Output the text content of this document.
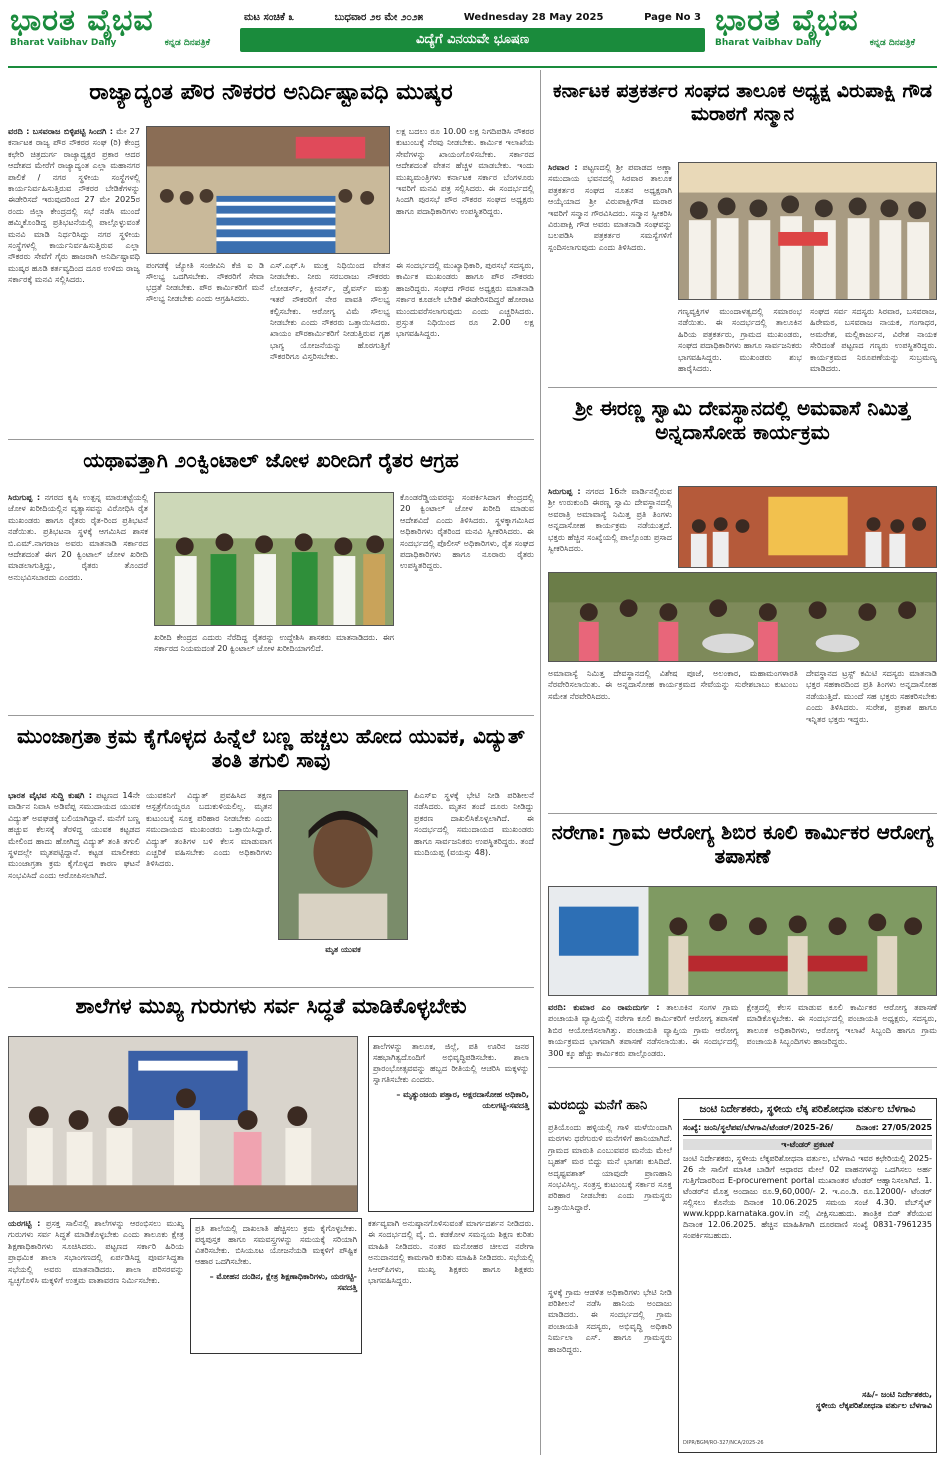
ಭಾರತ ವೈಭವ
Bharat Vaibhav Daily	ಕನ್ನಡ ದಿನಪತ್ರಿಕೆ
ಮಟ ಸಂಚಿಕೆ ೩	ಬುಧವಾರ ೨೮ ಮೇ ೨೦೨೫	Wednesday 28 May 2025	Page No 3
ವಿದ್ಯೆಗೆ ವಿನಯವೇ ಭೂಷಣ
ಭಾರತ ವೈಭವ
Bharat Vaibhav Daily	ಕನ್ನಡ ದಿನಪತ್ರಿಕೆ
ರಾಜ್ಯಾದ್ಯಂತ ಪೌರ ನೌಕರರ ಅನಿರ್ದಿಷ್ಟಾವಧಿ ಮುಷ್ಕರ

ವರದಿ : ಬಸವರಾಜ ಬಿಳ್ಳಿಪಟ್ಟಿ ಸಿಂದಗಿ : ಮೇ 27 ಕರ್ನಾಟಕ ರಾಜ್ಯ ಪೌರ ನೌಕರರ ಸಂಘ (ರಿ) ಕೇಂದ್ರ ಕಛೇರಿ ಚಿತ್ರದುರ್ಗ ರಾಜ್ಯಾಧ್ಯಕ್ಷರ ಪ್ರಕಾರ ಆದರ ಆದೇಶದ ಮೇರೆಗೆ ರಾಜ್ಯಾದ್ಯಂತ ಎಲ್ಲಾ ಮಹಾನಗರ ಪಾಲಿಕೆ / ನಗರ ಸ್ಥಳೀಯ ಸಂಸ್ಥೆಗಳಲ್ಲಿ ಕಾರ್ಯನಿರ್ವಹಿಸುತ್ತಿರುವ ನೌಕರರ ಬೇಡಿಕೆಗಳನ್ನು ಈಡೇರಿಸದೆ ಇರುವುದರಿಂದ 27 ಮೇ 2025ರ ರಂದು ಜಿಲ್ಲಾ ಕೇಂದ್ರದಲ್ಲಿ ಸಭೆ ನಡೆಸಿ ಮುಂದೆ ಹಮ್ಮಿಕೊಂಡಿದ್ದ ಪ್ರತಿಭಟನೆಯಲ್ಲಿ ಪಾಲ್ಗೊಳ್ಳುವಂತೆ ಮನವಿ ಮಾಡಿ ನಿರ್ಧರಿಸಿದ್ದು ನಗರ ಸ್ಥಳೀಯ ಸಂಸ್ಥೆಗಳಲ್ಲಿ ಕಾರ್ಯನಿರ್ವಹಿಸುತ್ತಿರುವ ಎಲ್ಲಾ ನೌಕರರು ಸೇವೆಗೆ ಗೈರು ಹಾಜರಾಗಿ ಅನಿರ್ದಿಷ್ಟಾವಧಿ ಮುಷ್ಕರ ಹೂಡಿ ಕರ್ತವ್ಯದಿಂದ ದೂರ ಉಳಿದು ರಾಜ್ಯ ಸರ್ಕಾರಕ್ಕೆ ಮನವಿ ಸಲ್ಲಿಸಿದರು.

ಲಕ್ಷ ಬದಲು ರೂ 10.00 ಲಕ್ಷ ನಿಗದಿಪಡಿಸಿ ನೌಕರರ ಕುಟುಂಬಕ್ಕೆ ನೆರವು ನೀಡಬೇಕು. ಕಾರ್ಮಿಕ ಇಲಾಖೆಯ ಸೇವೆಗಳನ್ನು ಖಾಯಂಗೊಳಿಸಬೇಕು. ಸರ್ಕಾರದ ಆದೇಶದಂತೆ ವೇತನ ಹೆಚ್ಚಳ ಮಾಡಬೇಕು. ಇಂದು ಮುಖ್ಯಮಂತ್ರಿಗಳು ಕರ್ನಾಟಕ ಸರ್ಕಾರ ಬೆಂಗಳೂರು ಇವರಿಗೆ ಮನವಿ ಪತ್ರ ಸಲ್ಲಿಸಿದರು. ಈ ಸಂದರ್ಭದಲ್ಲಿ ಸಿಂದಗಿ ಪುರಸಭೆ ಪೌರ ನೌಕರರ ಸಂಘದ ಅಧ್ಯಕ್ಷರು ಹಾಗೂ ಪದಾಧಿಕಾರಿಗಳು ಉಪಸ್ಥಿತರಿದ್ದರು.

ಪಂಗಡಕ್ಕೆ ಜ್ಯೋತಿ ಸಂಜೀವಿನಿ ಕೆಜಿ ಐ ಡಿ ಸೌಲಭ್ಯ ಒದಗಿಸಬೇಕು. ನೌಕರರಿಗೆ ಸೇವಾ ಭದ್ರತೆ ನೀಡಬೇಕು. ಪೌರ ಕಾರ್ಮಿಕರಿಗೆ ಮನೆ ಸೌಲಭ್ಯ ನೀಡಬೇಕು ಎಂದು ಆಗ್ರಹಿಸಿದರು.

ಎಸ್.ಎಫ್.ಸಿ ಮುಕ್ತ ನಿಧಿಯಿಂದ ವೇತನ ನೀಡಬೇಕು. ನೀರು ಸರಬರಾಜು ನೌಕರರು ಲೋಡರ್ಸ್, ಕ್ಲೀನರ್ಸ್, ಡ್ರೈವರ್ಸ್ ಮತ್ತು ಇತರೆ ನೌಕರರಿಗೆ ನೇರ ಪಾವತಿ ಸೌಲಭ್ಯ ಕಲ್ಪಿಸಬೇಕು. ಆರೋಗ್ಯ ವಿಮೆ ಸೌಲಭ್ಯ ನೀಡಬೇಕು ಎಂದು ನೌಕರರು ಒತ್ತಾಯಿಸಿದರು. ಖಾಯಂ ಪೌರಕಾರ್ಮಿಕರಿಗೆ ನೀಡುತ್ತಿರುವ ಗೃಹ ಭಾಗ್ಯ ಯೋಜನೆಯನ್ನು ಹೊರಗುತ್ತಿಗೆ ನೌಕರರಿಗೂ ವಿಸ್ತರಿಸಬೇಕು.

ಈ ಸಂದರ್ಭದಲ್ಲಿ ಮುಖ್ಯಾಧಿಕಾರಿ, ಪುರಸಭೆ ಸದಸ್ಯರು, ಕಾರ್ಮಿಕ ಮುಖಂಡರು ಹಾಗೂ ಪೌರ ನೌಕರರು ಹಾಜರಿದ್ದರು. ಸಂಘದ ಗೌರವ ಅಧ್ಯಕ್ಷರು ಮಾತನಾಡಿ ಸರ್ಕಾರ ಕೂಡಲೇ ಬೇಡಿಕೆ ಈಡೇರಿಸದಿದ್ದರೆ ಹೋರಾಟ ಮುಂದುವರೆಸಲಾಗುವುದು ಎಂದು ಎಚ್ಚರಿಸಿದರು. ಪ್ರಸ್ತುತ ನಿಧಿಯಿಂದ ರೂ 2.00 ಲಕ್ಷ ಭಾಗವಹಿಸಿದ್ದರು.

ಕರ್ನಾಟಕ ಪತ್ರಕರ್ತರ ಸಂಘದ ತಾಲೂಕ ಅಧ್ಯಕ್ಷ ವಿರುಪಾಕ್ಷಿ ಗೌಡ ಮರಾಠಗೆ ಸನ್ಮಾನ

ಸಿರವಾರ : ಪಟ್ಟಣದಲ್ಲಿ ಶ್ರೀ ಪವಾಡದ ಅಣ್ಣಾ ಸಮುದಾಯ ಭವನದಲ್ಲಿ ಸಿರವಾರ ತಾಲೂಕ ಪತ್ರಕರ್ತರ ಸಂಘದ ನೂತನ ಅಧ್ಯಕ್ಷರಾಗಿ ಆಯ್ಕೆಯಾದ ಶ್ರೀ ವಿರುಪಾಕ್ಷಿಗೌಡ ಮರಾಠ ಇವರಿಗೆ ಸನ್ಮಾನ ಗೌರವಿಸಿದರು. ಸನ್ಮಾನ ಸ್ವೀಕರಿಸಿ ವಿರುಪಾಕ್ಷಿ ಗೌಡ ಅವರು ಮಾತನಾಡಿ ಸಂಘವನ್ನು ಬಲಪಡಿಸಿ ಪತ್ರಕರ್ತರ ಸಮಸ್ಯೆಗಳಿಗೆ ಸ್ಪಂದಿಸಲಾಗುವುದು ಎಂದು ತಿಳಿಸಿದರು.

ಗಣ್ಯವ್ಯಕ್ತಿಗಳ ಮುಂದಾಳತ್ವದಲ್ಲಿ ಸಮಾರಂಭ ನಡೆಯಿತು. ಈ ಸಂದರ್ಭದಲ್ಲಿ ತಾಲೂಕಿನ ಹಿರಿಯ ಪತ್ರಕರ್ತರು, ಗ್ರಾಮದ ಮುಖಂಡರು, ಸಂಘದ ಪದಾಧಿಕಾರಿಗಳು ಹಾಗೂ ಸಾರ್ವಜನಿಕರು ಭಾಗವಹಿಸಿದ್ದರು. ಮುಖಂಡರು ಶುಭ ಹಾರೈಸಿದರು.

ಸಂಘದ ಸರ್ವ ಸದಸ್ಯರು ಸಿರವಾರ, ಬಸವರಾಜ, ಹಿರೇಮಠ, ಬಸವರಾಜ ನಾಯಕ, ಗಂಗಾಧರ, ಅಮರೇಶ, ಮಲ್ಲಿಕಾರ್ಜುನ, ವಿರೇಶ ನಾಯಕ ಸೇರಿದಂತೆ ಪಟ್ಟಣದ ಗಣ್ಯರು ಉಪಸ್ಥಿತರಿದ್ದರು. ಕಾರ್ಯಕ್ರಮದ ನಿರೂಪಣೆಯನ್ನು ಸುಬ್ರಮಣ್ಯ ಮಾಡಿದರು.

ಶ್ರೀ ಈರಣ್ಣ ಸ್ವಾಮಿ ದೇವಸ್ಥಾನದಲ್ಲಿ ಅಮವಾಸೆ ನಿಮಿತ್ತ ಅನ್ನದಾಸೋಹ ಕಾರ್ಯಕ್ರಮ

ಸಿರುಗುಪ್ಪ : ನಗರದ 16ನೇ ವಾರ್ಡಿನಲ್ಲಿರುವ ಶ್ರೀ ಉರುಕುಂದಿ ಈರಣ್ಣ ಸ್ವಾಮಿ ದೇವಸ್ಥಾನದಲ್ಲಿ ಅವರಾತ್ರಿ ಅಮಾವಾಸ್ಯೆ ನಿಮಿತ್ತ ಪ್ರತಿ ತಿಂಗಳು ಅನ್ನದಾಸೋಹ ಕಾರ್ಯಕ್ರಮ ನಡೆಯುತ್ತದೆ. ಭಕ್ತರು ಹೆಚ್ಚಿನ ಸಂಖ್ಯೆಯಲ್ಲಿ ಪಾಲ್ಗೊಂಡು ಪ್ರಸಾದ ಸ್ವೀಕರಿಸಿದರು.

ಅಮಾವಾಸ್ಯೆ ನಿಮಿತ್ತ ದೇವಸ್ಥಾನದಲ್ಲಿ ವಿಶೇಷ ಪೂಜೆ, ಅಲಂಕಾರ, ಮಹಾಮಂಗಳಾರತಿ ನೆರವೇರಿಸಲಾಯಿತು. ಈ ಅನ್ನದಾಸೋಹ ಕಾರ್ಯಕ್ರಮದ ಸೇವೆಯನ್ನು ಸುರೇಶಬಾಬು ಕುಟುಂಬ ಸಮೇತ ನೆರವೇರಿಸಿದರು.

ದೇವಸ್ಥಾನದ ಟ್ರಸ್ಟ್ ಕಮಿಟಿ ಸದಸ್ಯರು ಮಾತನಾಡಿ ಭಕ್ತರ ಸಹಕಾರದಿಂದ ಪ್ರತಿ ತಿಂಗಳು ಅನ್ನದಾಸೋಹ ನಡೆಯುತ್ತಿದೆ. ಮುಂದೆ ಸಹ ಭಕ್ತರು ಸಹಕರಿಸಬೇಕು ಎಂದು ತಿಳಿಸಿದರು. ಸುರೇಶ, ಪ್ರಕಾಶ ಹಾಗೂ ಇನ್ನಿತರ ಭಕ್ತರು ಇದ್ದರು.

ಯಥಾವತ್ತಾಗಿ ೨೦ಕ್ವಿಂಟಾಲ್ ಜೋಳ ಖರೀದಿಗೆ ರೈತರ ಆಗ್ರಹ

ಸಿರುಗುಪ್ಪ : ನಗರದ ಕೃಷಿ ಉತ್ಪನ್ನ ಮಾರುಕಟ್ಟೆಯಲ್ಲಿ ಜೋಳ ಖರೀದಿಯಲ್ಲಿನ ವ್ಯತ್ಯಾಸವನ್ನು ವಿರೋಧಿಸಿ ರೈತ ಮುಖಂಡರು ಹಾಗೂ ರೈತರು ರೈತ-ರಿಂದ ಪ್ರತಿಭಟನೆ ನಡೆಯಿತು. ಪ್ರತಿಭಟನಾ ಸ್ಥಳಕ್ಕೆ ಆಗಮಿಸಿದ ಶಾಸಕ ಬಿ.ಎಮ್.ನಾಗರಾಜ ಅವರು ಮಾತನಾಡಿ ಸರ್ಕಾರದ ಆದೇಶದಂತೆ ಈಗ 20 ಕ್ವಿಂಟಾಲ್ ಜೋಳ ಖರೀದಿ ಮಾಡಲಾಗುತ್ತಿದ್ದು, ರೈತರು ತೊಂದರೆ ಅನುಭವಿಸಬಾರದು ಎಂದರು.

ಖರೀದಿ ಕೇಂದ್ರದ ಎದುರು ನೆರೆದಿದ್ದ ರೈತರನ್ನು ಉದ್ದೇಶಿಸಿ ಶಾಸಕರು ಮಾತನಾಡಿದರು. ಈಗ ಸರ್ಕಾರದ ನಿಯಮದಂತೆ 20 ಕ್ವಿಂಟಾಲ್ ಜೋಳ ಖರೀದಿಯಾಗಲಿದೆ.

ಕೊಂಡರೆಡ್ಡಿಯವರನ್ನು ಸಂಪರ್ಕಿಸಿದಾಗ ಕೇಂದ್ರದಲ್ಲಿ 20 ಕ್ವಿಂಟಾಲ್ ಜೋಳ ಖರೀದಿ ಮಾಡುವ ಆದೇಶವಿದೆ ಎಂದು ತಿಳಿಸಿದರು. ಸ್ಥಳಕ್ಕಾಗಮಿಸಿದ ಅಧಿಕಾರಿಗಳು ರೈತರಿಂದ ಮನವಿ ಸ್ವೀಕರಿಸಿದರು. ಈ ಸಂದರ್ಭದಲ್ಲಿ ಪೊಲೀಸ್ ಅಧಿಕಾರಿಗಳು, ರೈತ ಸಂಘದ ಪದಾಧಿಕಾರಿಗಳು ಹಾಗೂ ನೂರಾರು ರೈತರು ಉಪಸ್ಥಿತರಿದ್ದರು.

ಮುಂಜಾಗ್ರತಾ ಕ್ರಮ ಕೈಗೊಳ್ಳದ ಹಿನ್ನೆಲೆ ಬಣ್ಣ ಹಚ್ಚಲು ಹೋದ ಯುವಕ, ವಿದ್ಯುತ್ ತಂತಿ ತಗುಲಿ ಸಾವು

ಭಾರತ ವೈಭವ ಸುದ್ದಿ ಕುಷಗಿ : ಪಟ್ಟಣದ 14ನೇ ವಾರ್ಡಿನ ನಿವಾಸಿ ಅಡಿವೆಪ್ಪ ಸಮುದಾಯದ ಯುವಕ ವಿದ್ಯುತ್ ಅವಘಡಕ್ಕೆ ಬಲಿಯಾಗಿದ್ದಾನೆ. ಮನೆಗೆ ಬಣ್ಣ ಹಚ್ಚುವ ಕೆಲಸಕ್ಕೆ ತೆರಳಿದ್ದ ಯುವಕ ಕಟ್ಟಡದ ಮೇಲಿಂದ ಹಾದು ಹೋಗಿದ್ದ ವಿದ್ಯುತ್ ತಂತಿ ತಗುಲಿ ಸ್ಥಳದಲ್ಲೇ ಮೃತಪಟ್ಟಿದ್ದಾನೆ. ಕಟ್ಟಡ ಮಾಲೀಕರು ಮುಂಜಾಗ್ರತಾ ಕ್ರಮ ಕೈಗೊಳ್ಳದ ಕಾರಣ ಘಟನೆ ಸಂಭವಿಸಿದೆ ಎಂದು ಆರೋಪಿಸಲಾಗಿದೆ.

ಯುವಕನಿಗೆ ವಿದ್ಯುತ್ ಪ್ರವಹಿಸಿದ ತಕ್ಷಣ ಆಸ್ಪತ್ರೆಗೊಯ್ದರೂ ಬದುಕುಳಿಯಲಿಲ್ಲ. ಮೃತನ ಕುಟುಂಬಕ್ಕೆ ಸೂಕ್ತ ಪರಿಹಾರ ನೀಡಬೇಕು ಎಂದು ಸಮುದಾಯದ ಮುಖಂಡರು ಒತ್ತಾಯಿಸಿದ್ದಾರೆ. ವಿದ್ಯುತ್ ತಂತಿಗಳ ಬಳಿ ಕೆಲಸ ಮಾಡುವಾಗ ಎಚ್ಚರಿಕೆ ವಹಿಸಬೇಕು ಎಂದು ಅಧಿಕಾರಿಗಳು ತಿಳಿಸಿದರು.

ಮೃತ ಯುವಕ

ಪಿಎಸ್ಐ ಸ್ಥಳಕ್ಕೆ ಭೇಟಿ ನೀಡಿ ಪರಿಶೀಲನೆ ನಡೆಸಿದರು. ಮೃತನ ತಂದೆ ದೂರು ನೀಡಿದ್ದು ಪ್ರಕರಣ ದಾಖಲಿಸಿಕೊಳ್ಳಲಾಗಿದೆ. ಈ ಸಂದರ್ಭದಲ್ಲಿ ಸಮುದಾಯದ ಮುಖಂಡರು ಹಾಗೂ ಸಾರ್ವಜನಿಕರು ಉಪಸ್ಥಿತರಿದ್ದರು. ತಂದೆ ಮುದಿಯಪ್ಪ (ವಯಸ್ಸು 48).

ನರೇಗಾ: ಗ್ರಾಮ ಆರೋಗ್ಯ ಶಿಬಿರ ಕೂಲಿ ಕಾರ್ಮಿಕರ ಆರೋಗ್ಯ ತಪಾಸಣೆ

ವರದಿ: ಕುಮಾರ ಎಂ ರಾಮದುರ್ಗ : ತಾಲೂಕಿನ ಸಂಗಳ ಗ್ರಾಮ ಪಂಚಾಯತಿ ವ್ಯಾಪ್ತಿಯಲ್ಲಿ ನರೇಗಾ ಕೂಲಿ ಕಾರ್ಮಿಕರಿಗೆ ಆರೋಗ್ಯ ತಪಾಸಣೆ ಶಿಬಿರ ಆಯೋಜಿಸಲಾಗಿತ್ತು. ಪಂಚಾಯತಿ ವ್ಯಾಪ್ತಿಯ ಗ್ರಾಮ ಆರೋಗ್ಯ ಕಾರ್ಯಕ್ರಮದ ಭಾಗವಾಗಿ ತಪಾಸಣೆ ನಡೆಸಲಾಯಿತು. ಈ ಸಂದರ್ಭದಲ್ಲಿ 300 ಕ್ಕೂ ಹೆಚ್ಚು ಕಾರ್ಮಿಕರು ಪಾಲ್ಗೊಂಡರು.

ಕ್ಷೇತ್ರದಲ್ಲಿ ಕೆಲಸ ಮಾಡುವ ಕೂಲಿ ಕಾರ್ಮಿಕರ ಆರೋಗ್ಯ ತಪಾಸಣೆ ಮಾಡಿಕೊಳ್ಳಬೇಕು. ಈ ಸಂದರ್ಭದಲ್ಲಿ ಪಂಚಾಯತಿ ಅಧ್ಯಕ್ಷರು, ಸದಸ್ಯರು, ತಾಲೂಕ ಅಧಿಕಾರಿಗಳು, ಆರೋಗ್ಯ ಇಲಾಖೆ ಸಿಬ್ಬಂದಿ ಹಾಗೂ ಗ್ರಾಮ ಪಂಚಾಯತಿ ಸಿಬ್ಬಂದಿಗಳು ಹಾಜರಿದ್ದರು.

ಶಾಲೆಗಳ ಮುಖ್ಯ ಗುರುಗಳು ಸರ್ವ ಸಿದ್ಧತೆ ಮಾಡಿಕೊಳ್ಳಬೇಕು
ಶಾಲೆಗಳನ್ನು ತಾಲೂಕ, ಜಿಲ್ಲೆ, ಪತಿ ಊರಿನ ಜನರ ಸಹಭಾಗಿತ್ವದೊಂದಿಗೆ ಅಭಿವೃದ್ಧಿಪಡಿಸಬೇಕು. ಶಾಲಾ ಪ್ರಾರಂಭೋತ್ಸವವನ್ನು ಹಬ್ಬದ ರೀತಿಯಲ್ಲಿ ಆಚರಿಸಿ ಮಕ್ಕಳನ್ನು ಸ್ವಾಗತಿಸಬೇಕು ಎಂದರು.
– ಮೃತ್ಯುಂಜಯ ಪತ್ತಾರ, ಅಕ್ಷರದಾಸೋಹ ಅಧಿಕಾರಿ, ಯಲಗಟ್ಟಿ-ಸವದತ್ತಿ

ಯರಗಟ್ಟಿ : ಪ್ರಸಕ್ತ ಸಾಲಿನಲ್ಲಿ ಶಾಲೆಗಳನ್ನು ಆರಂಭಿಸಲು ಮುಖ್ಯ ಗುರುಗಳು ಸರ್ವ ಸಿದ್ಧತೆ ಮಾಡಿಕೊಳ್ಳಬೇಕು ಎಂದು ತಾಲೂಕು ಕ್ಷೇತ್ರ ಶಿಕ್ಷಣಾಧಿಕಾರಿಗಳು ಸೂಚಿಸಿದರು. ಪಟ್ಟಣದ ಸರ್ಕಾರಿ ಹಿರಿಯ ಪ್ರಾಥಮಿಕ ಶಾಲಾ ಸಭಾಂಗಣದಲ್ಲಿ ಏರ್ಪಡಿಸಿದ್ದ ಪೂರ್ವಸಿದ್ಧತಾ ಸಭೆಯಲ್ಲಿ ಅವರು ಮಾತನಾಡಿದರು. ಶಾಲಾ ಪರಿಸರವನ್ನು ಸ್ವಚ್ಛಗೊಳಿಸಿ ಮಕ್ಕಳಿಗೆ ಉತ್ತಮ ವಾತಾವರಣ ನಿರ್ಮಿಸಬೇಕು.

ಪ್ರತಿ ಶಾಲೆಯಲ್ಲಿ ದಾಖಲಾತಿ ಹೆಚ್ಚಿಸಲು ಕ್ರಮ ಕೈಗೊಳ್ಳಬೇಕು. ಪಠ್ಯಪುಸ್ತಕ ಹಾಗೂ ಸಮವಸ್ತ್ರಗಳನ್ನು ಸಮಯಕ್ಕೆ ಸರಿಯಾಗಿ ವಿತರಿಸಬೇಕು. ಬಿಸಿಯೂಟ ಯೋಜನೆಯಡಿ ಮಕ್ಕಳಿಗೆ ಪೌಷ್ಟಿಕ ಆಹಾರ ಒದಗಿಸಬೇಕು.
– ಮೋಹನ ದಂಡಿನ, ಕ್ಷೇತ್ರ ಶಿಕ್ಷಣಾಧಿಕಾರಿಗಳು, ಯರಗಟ್ಟಿ-ಸವದತ್ತಿ

ಕರ್ತವ್ಯವಾಗಿ ಅನುಷ್ಠಾನಗೊಳಿಸುವಂತೆ ಮಾರ್ಗದರ್ಶನ ನೀಡಿದರು. ಈ ಸಂದರ್ಭದಲ್ಲಿ ವೈ. ಬಿ. ಕಡಕೋಳ ಸಮನ್ವಯ ಶಿಕ್ಷಣ ಕುರಿತು ಮಾಹಿತಿ ನೀಡಿದರು. ನಂತರ ಮನೋಹರ ಚೀಲದ ನರೇಗಾ ಅನುದಾನದಲ್ಲಿ ಕಾಮಗಾರಿ ಕುರಿತು ಮಾಹಿತಿ ನೀಡಿದರು. ಸಭೆಯಲ್ಲಿ ಸಿಆರ್‌ಪಿಗಳು, ಮುಖ್ಯ ಶಿಕ್ಷಕರು ಹಾಗೂ ಶಿಕ್ಷಕರು ಭಾಗವಹಿಸಿದ್ದರು.

ಮರಬಿದ್ದು ಮನೆಗೆ ಹಾನಿ

ಪ್ರತಿಯೊಂದು ಹಳ್ಳಿಯಲ್ಲಿ ಗಾಳಿ ಮಳೆಯಿಂದಾಗಿ ಮರಗಳು ಧರೆಗುರುಳಿ ಮನೆಗಳಿಗೆ ಹಾನಿಯಾಗಿದೆ. ಗ್ರಾಮದ ಮಾರುತಿ ಎಂಬುವವರ ಮನೆಯ ಮೇಲೆ ಬೃಹತ್ ಮರ ಬಿದ್ದು ಮನೆ ಭಾಗಶಃ ಕುಸಿದಿದೆ. ಅದೃಷ್ಟವಶಾತ್ ಯಾವುದೇ ಪ್ರಾಣಹಾನಿ ಸಂಭವಿಸಿಲ್ಲ. ಸಂತ್ರಸ್ತ ಕುಟುಂಬಕ್ಕೆ ಸರ್ಕಾರ ಸೂಕ್ತ ಪರಿಹಾರ ನೀಡಬೇಕು ಎಂದು ಗ್ರಾಮಸ್ಥರು ಒತ್ತಾಯಿಸಿದ್ದಾರೆ.

ಸ್ಥಳಕ್ಕೆ ಗ್ರಾಮ ಆಡಳಿತ ಅಧಿಕಾರಿಗಳು ಭೇಟಿ ನೀಡಿ ಪರಿಶೀಲನೆ ನಡೆಸಿ ಹಾನಿಯ ಅಂದಾಜು ಮಾಡಿದರು. ಈ ಸಂದರ್ಭದಲ್ಲಿ ಗ್ರಾಮ ಪಂಚಾಯತಿ ಸದಸ್ಯರು, ಅಭಿವೃದ್ಧಿ ಅಧಿಕಾರಿ ನಿರ್ಮಲಾ ಎಸ್. ಹಾಗೂ ಗ್ರಾಮಸ್ಥರು ಹಾಜರಿದ್ದರು.

ಜಂಟಿ ನಿರ್ದೇಶಕರು, ಸ್ಥಳೀಯ ಲೆಕ್ಕ ಪರಿಶೋಧನಾ ವರ್ತುಲ ಬೆಳಗಾವಿ
ಸಂಖ್ಯೆ: ಜಂನಿ/ಸ್ಥಲೆಪವ/ಬೆಳಗಾವಿ/ಟೆಂಡರ್/2025-26/	ದಿನಾಂಕ: 27/05/2025
ಇ-ಟೆಂಡರ್ ಪ್ರಕಟಣೆ
ಜಂಟಿ ನಿರ್ದೇಶಕರು, ಸ್ಥಳೀಯ ಲೆಕ್ಕಪರಿಶೋಧನಾ ವರ್ತುಲ, ಬೆಳಗಾವಿ ಇವರ ಕಛೇರಿಯಲ್ಲಿ 2025-26 ನೇ ಸಾಲಿಗೆ ಮಾಸಿಕ ಬಾಡಿಗೆ ಆಧಾರದ ಮೇಲೆ 02 ವಾಹನಗಳನ್ನು ಒದಗಿಸಲು ಅರ್ಹ ಗುತ್ತಿಗೆದಾರರಿಂದ E-procurement portal ಮುಖಾಂತರ ಟೆಂಡರ್ ಆಹ್ವಾನಿಸಲಾಗಿದೆ. 1. ಟೆಂಡರ್‌ನ ಮೊತ್ತ ಅಂದಾಜು ರೂ.9,60,000/- 2. ಇ.ಎಂ.ಡಿ. ರೂ.12000/- ಟೆಂಡರ್ ಸಲ್ಲಿಸಲು ಕೊನೆಯ ದಿನಾಂಕ 10.06.2025 ಸಮಯ ಸಂಜೆ 4.30. ವೆಬ್‌ಸೈಟ್ www.kppp.karnataka.gov.in ನಲ್ಲಿ ವೀಕ್ಷಿಸಬಹುದು. ತಾಂತ್ರಿಕ ಬಿಡ್ ತೆರೆಯುವ ದಿನಾಂಕ 12.06.2025. ಹೆಚ್ಚಿನ ಮಾಹಿತಿಗಾಗಿ ದೂರವಾಣಿ ಸಂಖ್ಯೆ 0831-7961235 ಸಂಪರ್ಕಿಸಬಹುದು.
ಸಹಿ/- ಜಂಟಿ ನಿರ್ದೇಶಕರು,
ಸ್ಥಳೀಯ ಲೆಕ್ಕಪರಿಶೋಧನಾ ವರ್ತುಲ ಬೆಳಗಾವಿ
DIPR/BGM/RO-327/NCA/2025-26
